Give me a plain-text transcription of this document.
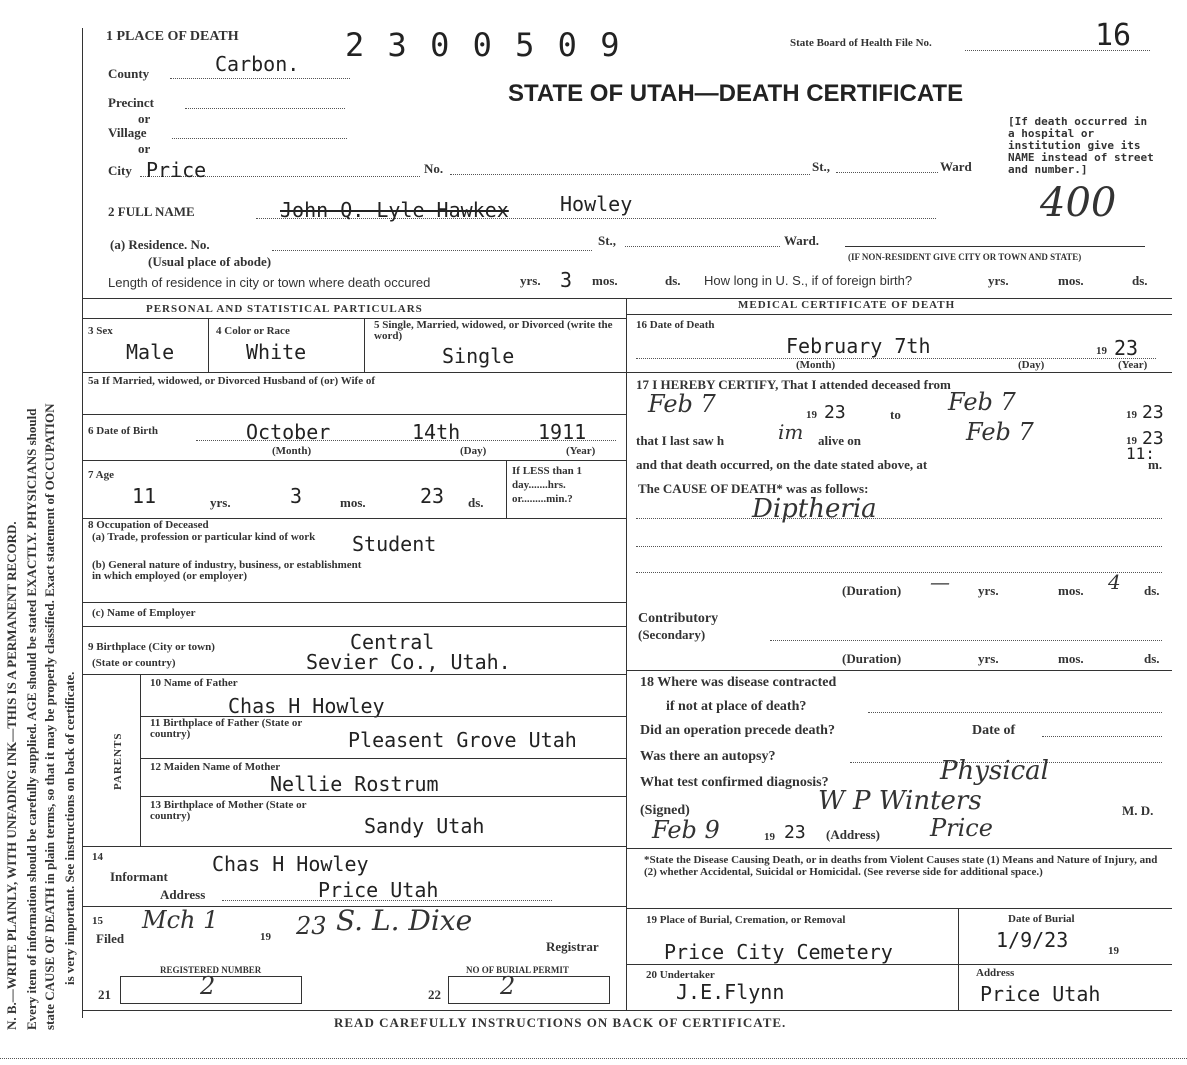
N. B.—WRITE PLAINLY, WITH UNFADING INK—THIS IS A PERMANENT RECORD. Every item of information should be carefully supplied. AGE should be stated EXACTLY. PHYSICIANS should state CAUSE OF DEATH in plain terms, so that it may be properly classified. Exact statement of OCCUPATION is very important. See instructions on back of certificate.
1 PLACE OF DEATH	2 3 0 0 5 0 9	State Board of Health File No.	16
STATE OF UTAH—DEATH CERTIFICATE
County	Carbon.
Precinct
or
Village
or
City Price	No.	St.,	Ward
[If death occurred in a hospital or institution give its NAME instead of street and number.]
400
2 FULL NAME	John Q. Lyle Hawkex	Howley
(a) Residence. No.	St.,	Ward.
(IF NON-RESIDENT GIVE CITY OR TOWN AND STATE)
(Usual place of abode)
Length of residence in city or town where death occured	yrs. 3 mos.	ds. How long in U. S., if of foreign birth?	yrs.	mos.	ds.
PERSONAL AND STATISTICAL PARTICULARS
3 Sex
Male
4 Color or Race
White
5 Single, Married, widowed, or Divorced (write the word)
Single
5a If Married, widowed, or Divorced Husband of (or) Wife of
6 Date of Birth	October	14th	1911
(Month)	(Day)	(Year)
7 Age
11	yrs.	3	mos.	23 ds.
If LESS than 1 day.......hrs. or.........min.?
8 Occupation of Deceased
(a) Trade, profession or particular kind of work	Student
(b) General nature of industry, business, or establishment in which employed (or employer)
(c) Name of Employer
9 Birthplace (City or town)
(State or country)
Central
Sevier Co., Utah.
PARENTS
10 Name of Father
Chas H Howley
11 Birthplace of Father (State or country)	Pleasent Grove Utah
12 Maiden Name of Mother
Nellie Rostrum
13 Birthplace of Mother (State or country)	Sandy Utah
14
Informant
Chas H Howley
Address	Price Utah
15
Filed
Mch 1
19 23 S. L. Dixe
Registrar
REGISTERED NUMBER
21	2
NO OF BURIAL PERMIT
22 2
MEDICAL CERTIFICATE OF DEATH
16 Date of Death
February 7th	19 23
(Month)	(Day)	(Year)
17 I HEREBY CERTIFY, That I attended deceased from
Feb 7	19 23	to Feb 7	19 23
that I last saw h	im alive on	Feb 7	19 23
and that death occurred, on the date stated above, at
11:
m.
The CAUSE OF DEATH* was as follows:
Diptheria
(Duration) — yrs.	mos. 4 ds.
Contributory
(Secondary)
(Duration)	yrs.	mos.	ds.
18 Where was disease contracted
if not at place of death?
Did an operation precede death?	Date of
Was there an autopsy?
What test confirmed diagnosis?	Physical
(Signed)	W P Winters	M. D.
Feb 9	19 23 (Address) Price
*State the Disease Causing Death, or in deaths from Violent Causes state (1) Means and Nature of Injury, and (2) whether Accidental, Suicidal or Homicidal. (See reverse side for additional space.)
19 Place of Burial, Cremation, or Removal
Price City Cemetery
Date of Burial
1/9/23	19
20 Undertaker
J.E.Flynn
Address
Price Utah
READ CAREFULLY INSTRUCTIONS ON BACK OF CERTIFICATE.
